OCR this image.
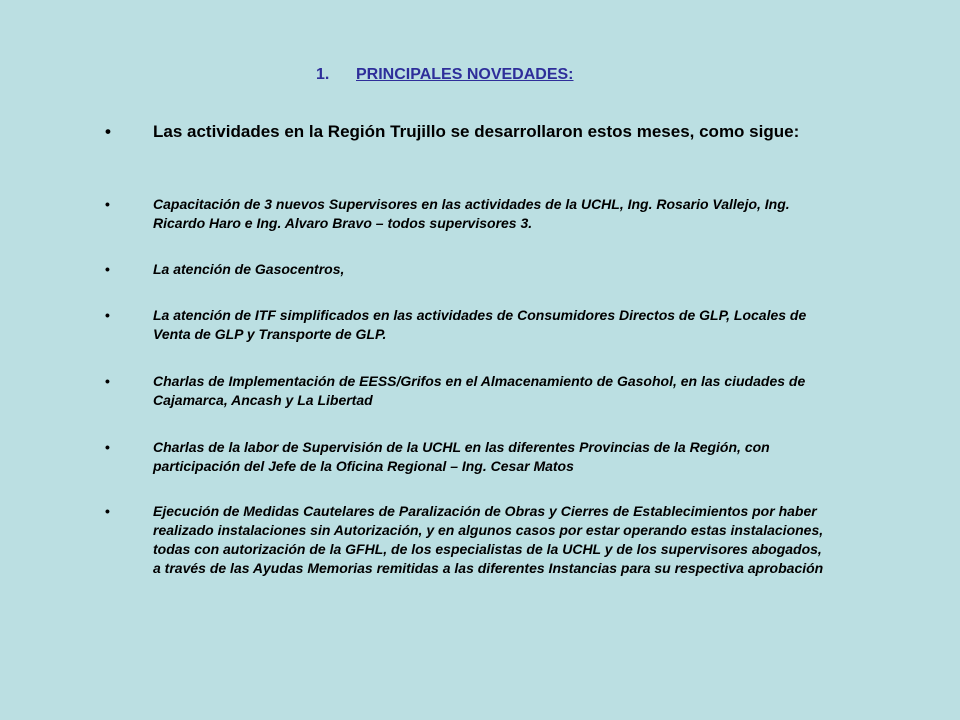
1. PRINCIPALES NOVEDADES:
• Las actividades en la Región Trujillo se desarrollaron estos meses, como sigue:
•	Capacitación de 3 nuevos Supervisores en las actividades de la UCHL, Ing. Rosario Vallejo, Ing. Ricardo Haro e Ing. Alvaro Bravo – todos supervisores 3.
•	La atención de Gasocentros,
•	La atención de ITF simplificados en las actividades de Consumidores Directos de GLP, Locales de Venta de GLP y Transporte de GLP.
•	Charlas de Implementación de EESS/Grifos en el Almacenamiento de Gasohol, en las ciudades de Cajamarca, Ancash y La Libertad
•	Charlas de la labor de Supervisión de la UCHL en las diferentes Provincias de la Región, con participación del Jefe de la Oficina Regional – Ing. Cesar Matos
•	Ejecución de Medidas Cautelares de Paralización de Obras y Cierres de Establecimientos por haber realizado instalaciones sin Autorización, y en algunos casos por estar operando estas instalaciones, todas con autorización de la GFHL, de los especialistas de la UCHL y de los supervisores abogados, a través de las Ayudas Memorias remitidas a las diferentes Instancias para su respectiva aprobación
